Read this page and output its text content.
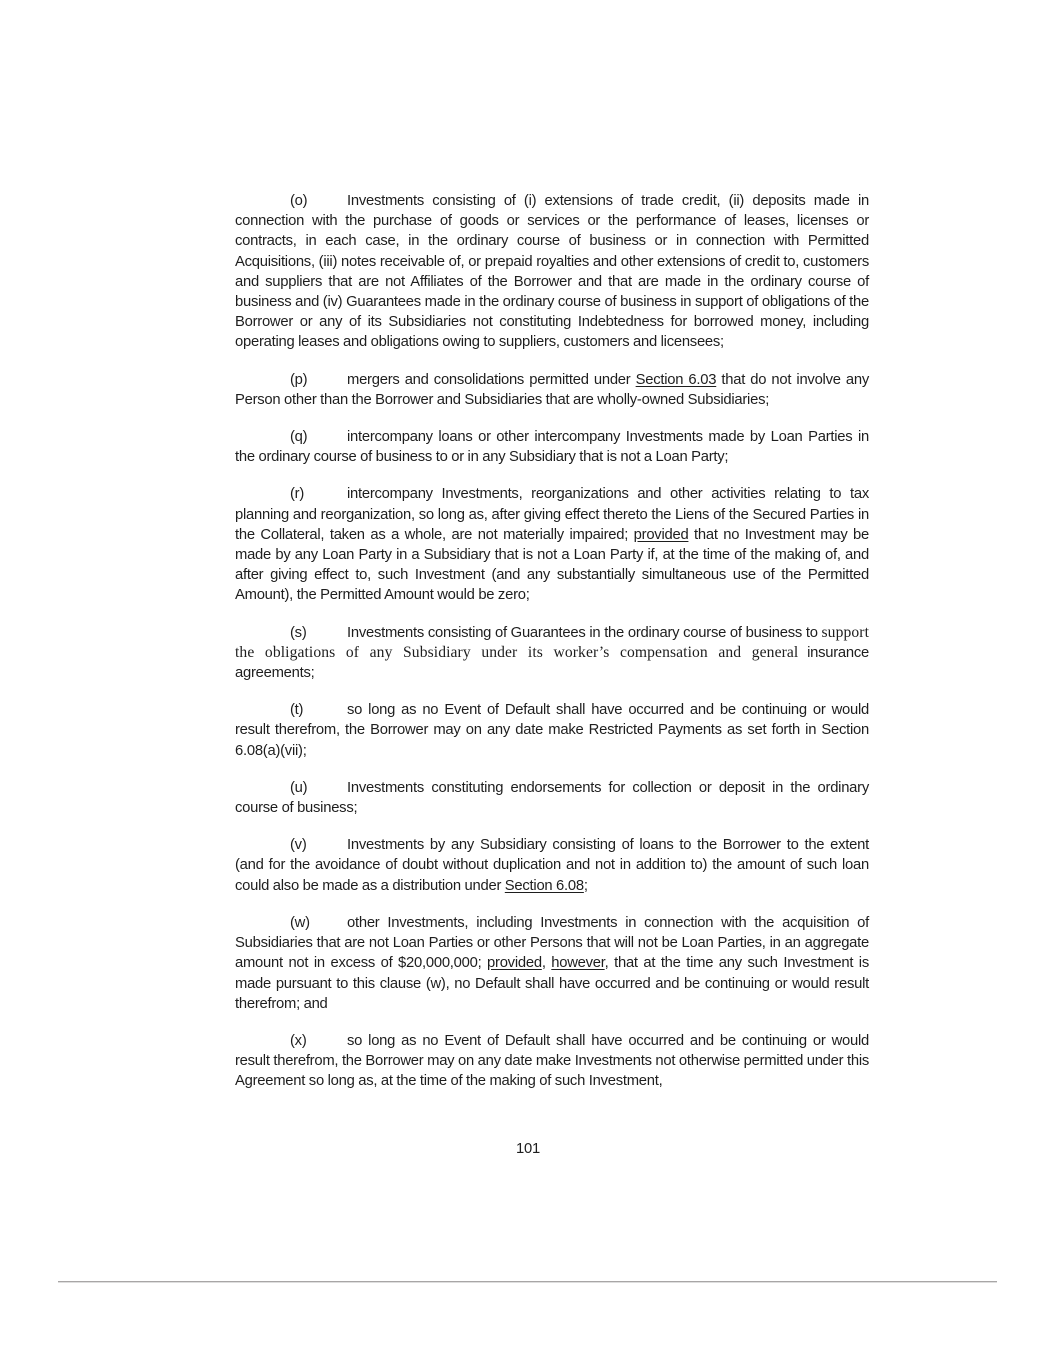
(o)	Investments consisting of (i) extensions of trade credit, (ii) deposits made in connection with the purchase of goods or services or the performance of leases, licenses or contracts, in each case, in the ordinary course of business or in connection with Permitted Acquisitions, (iii) notes receivable of, or prepaid royalties and other extensions of credit to, customers and suppliers that are not Affiliates of the Borrower and that are made in the ordinary course of business and (iv) Guarantees made in the ordinary course of business in support of obligations of the Borrower or any of its Subsidiaries not constituting Indebtedness for borrowed money, including operating leases and obligations owing to suppliers, customers and licensees;

(p)	mergers and consolidations permitted under Section 6.03 that do not involve any Person other than the Borrower and Subsidiaries that are wholly-owned Subsidiaries;

(q)	intercompany loans or other intercompany Investments made by Loan Parties in the ordinary course of business to or in any Subsidiary that is not a Loan Party;

(r)	intercompany Investments, reorganizations and other activities relating to tax planning and reorganization, so long as, after giving effect thereto the Liens of the Secured Parties in the Collateral, taken as a whole, are not materially impaired; provided that no Investment may be made by any Loan Party in a Subsidiary that is not a Loan Party if, at the time of the making of, and after giving effect to, such Investment (and any substantially simultaneous use of the Permitted Amount), the Permitted Amount would be zero;

(s)	Investments consisting of Guarantees in the ordinary course of business to support the obligations of any Subsidiary under its worker’s compensation and general insurance agreements;

(t)	so long as no Event of Default shall have occurred and be continuing or would result therefrom, the Borrower may on any date make Restricted Payments as set forth in Section 6.08(a)(vii);

(u)	Investments constituting endorsements for collection or deposit in the ordinary course of business;

(v)	Investments by any Subsidiary consisting of loans to the Borrower to the extent (and for the avoidance of doubt without duplication and not in addition to) the amount of such loan could also be made as a distribution under Section 6.08;

(w)	other Investments, including Investments in connection with the acquisition of Subsidiaries that are not Loan Parties or other Persons that will not be Loan Parties, in an aggregate amount not in excess of $20,000,000; provided, however, that at the time any such Investment is made pursuant to this clause (w), no Default shall have occurred and be continuing or would result therefrom; and

(x)	so long as no Event of Default shall have occurred and be continuing or would result therefrom, the Borrower may on any date make Investments not otherwise permitted under this Agreement so long as, at the time of the making of such Investment,

101
